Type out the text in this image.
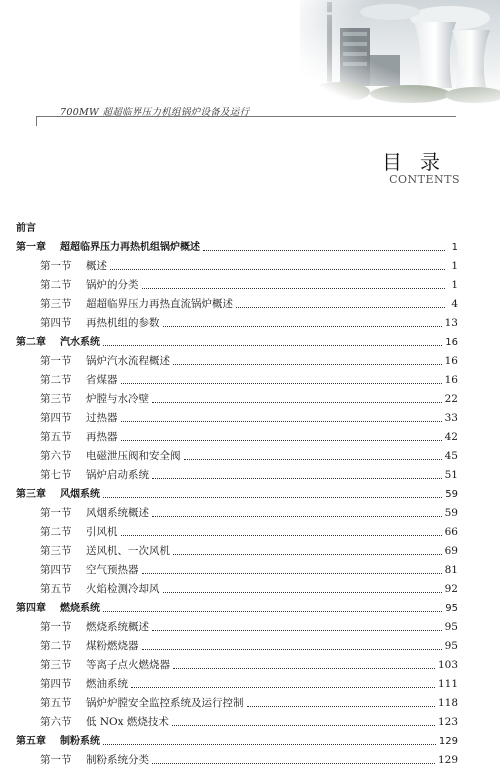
700MW 超超临界压力机组锅炉设备及运行
目录
CONTENTS
前言
第一章	超超临界压力再热机组锅炉概述	1
第一节	概述	1
第二节	锅炉的分类	1
第三节	超超临界压力再热直流锅炉概述	4
第四节	再热机组的参数	13
第二章	汽水系统	16
第一节	锅炉汽水流程概述	16
第二节	省煤器	16
第三节	炉膛与水冷壁	22
第四节	过热器	33
第五节	再热器	42
第六节	电磁泄压阀和安全阀	45
第七节	锅炉启动系统	51
第三章	风烟系统	59
第一节	风烟系统概述	59
第二节	引风机	66
第三节	送风机、一次风机	69
第四节	空气预热器	81
第五节	火焰检测冷却风	92
第四章	燃烧系统	95
第一节	燃烧系统概述	95
第二节	煤粉燃烧器	95
第三节	等离子点火燃烧器	103
第四节	燃油系统	111
第五节	锅炉炉膛安全监控系统及运行控制	118
第六节	低 NOx 燃烧技术	123
第五章	制粉系统	129
第一节	制粉系统分类	129
